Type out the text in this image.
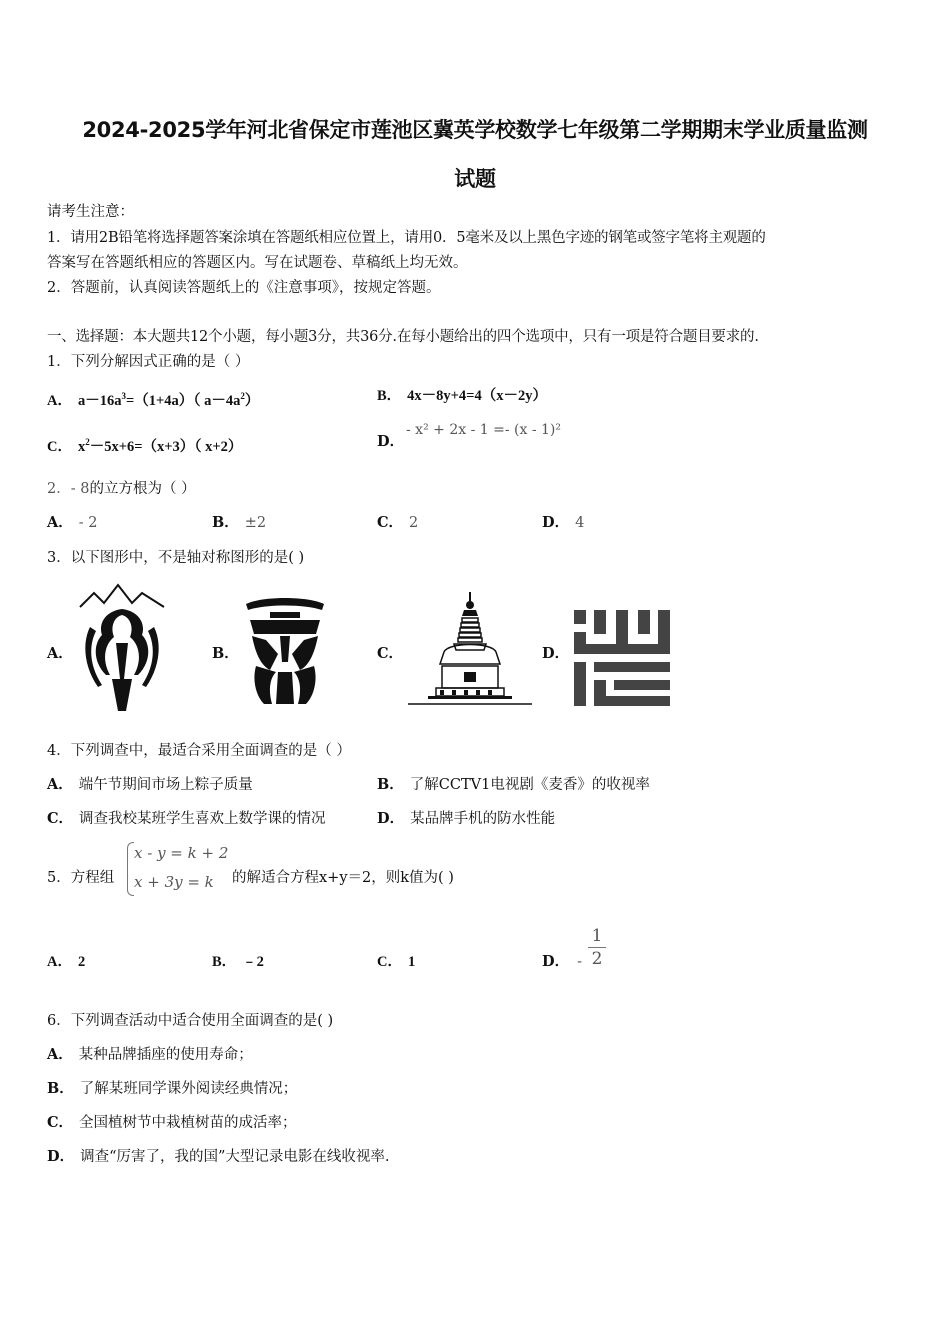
2024-2025学年河北省保定市莲池区冀英学校数学七年级第二学期期末学业质量监测
试题
请考生注意：
1．请用2B铅笔将选择题答案涂填在答题纸相应位置上，请用0．5毫米及以上黑色字迹的钢笔或签字笔将主观题的
答案写在答题纸相应的答题区内。写在试题卷、草稿纸上均无效。
2．答题前，认真阅读答题纸上的《注意事项》，按规定答题。
一、选择题：本大题共12个小题，每小题3分，共36分.在每小题给出的四个选项中，只有一项是符合题目要求的.
1．下列分解因式正确的是（ ）
A． $a-16a^3=(1+4a)$（ $a-4a^2$）	B． 4x－8y+4=4（x－2y）
C． $x^2-5x+6=(x+3)$（ x+2）	D．
- x² + 2x - 1 =- (x - 1)²
2．- 8的立方根为（ ）
A． - 2	B． ±2	C． 2	D． 4
3．以下图形中，不是轴对称图形的是( )
A．	B．	C．	D．
4．下列调查中，最适合采用全面调查的是（ ）
A． 端午节期间市场上粽子质量	B． 了解CCTV1电视剧《麦香》的收视率
C． 调查我校某班学生喜欢上数学课的情况	D． 某品牌手机的防水性能
5．方程组
x - y = k + 2
x + 3y = k 的解适合方程x+y＝2，则k值为( )
A． 2	B． ﹣2	C． 1	D． -
1
2
6．下列调查活动中适合使用全面调查的是( )
A． 某种品牌插座的使用寿命；
B． 了解某班同学课外阅读经典情况；
C． 全国植树节中栽植树苗的成活率；
D． 调查“厉害了，我的国”大型记录电影在线收视率.
